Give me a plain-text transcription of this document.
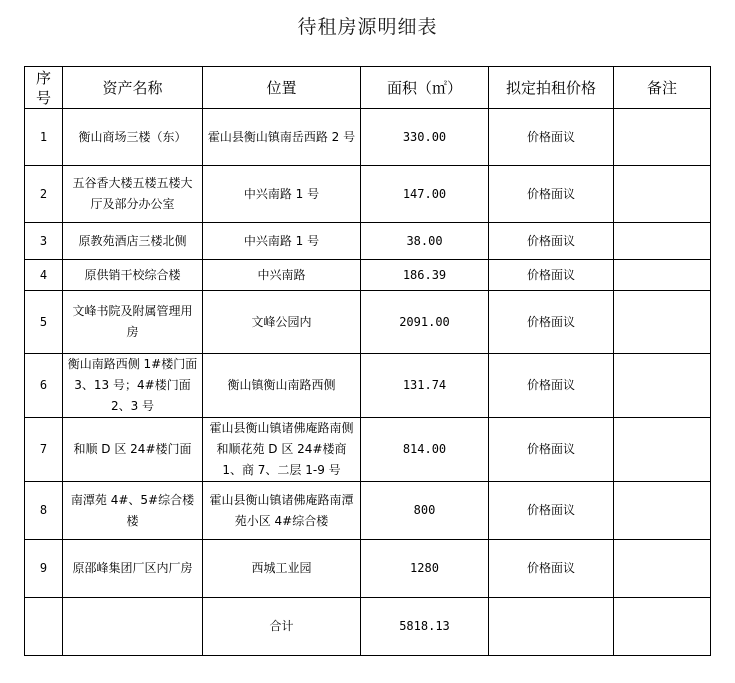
待租房源明细表
序号	资产名称	位置	面积（㎡）	拟定拍租价格	备注
1	衡山商场三楼（东）	霍山县衡山镇南岳西路 2 号	330.00	价格面议	
2	五谷香大楼五楼五楼大厅及部分办公室	中兴南路 1 号	147.00	价格面议	
3	原教苑酒店三楼北侧	中兴南路 1 号	38.00	价格面议	
4	原供销干校综合楼	中兴南路	186.39	价格面议	
5	文峰书院及附属管理用房	文峰公园内	2091.00	价格面议	
6	衡山南路西侧 1#楼门面 3、13 号；4#楼门面 2、3 号	衡山镇衡山南路西侧	131.74	价格面议	
7	和顺 D 区 24#楼门面	霍山县衡山镇诸佛庵路南侧和顺花苑 D 区 24#楼商 1、商 7、二层 1-9 号	814.00	价格面议	
8	南潭苑 4#、5#综合楼楼	霍山县衡山镇诸佛庵路南潭苑小区 4#综合楼	800	价格面议	
9	原邵峰集团厂区内厂房	西城工业园	1280	价格面议	
		合计	5818.13		
